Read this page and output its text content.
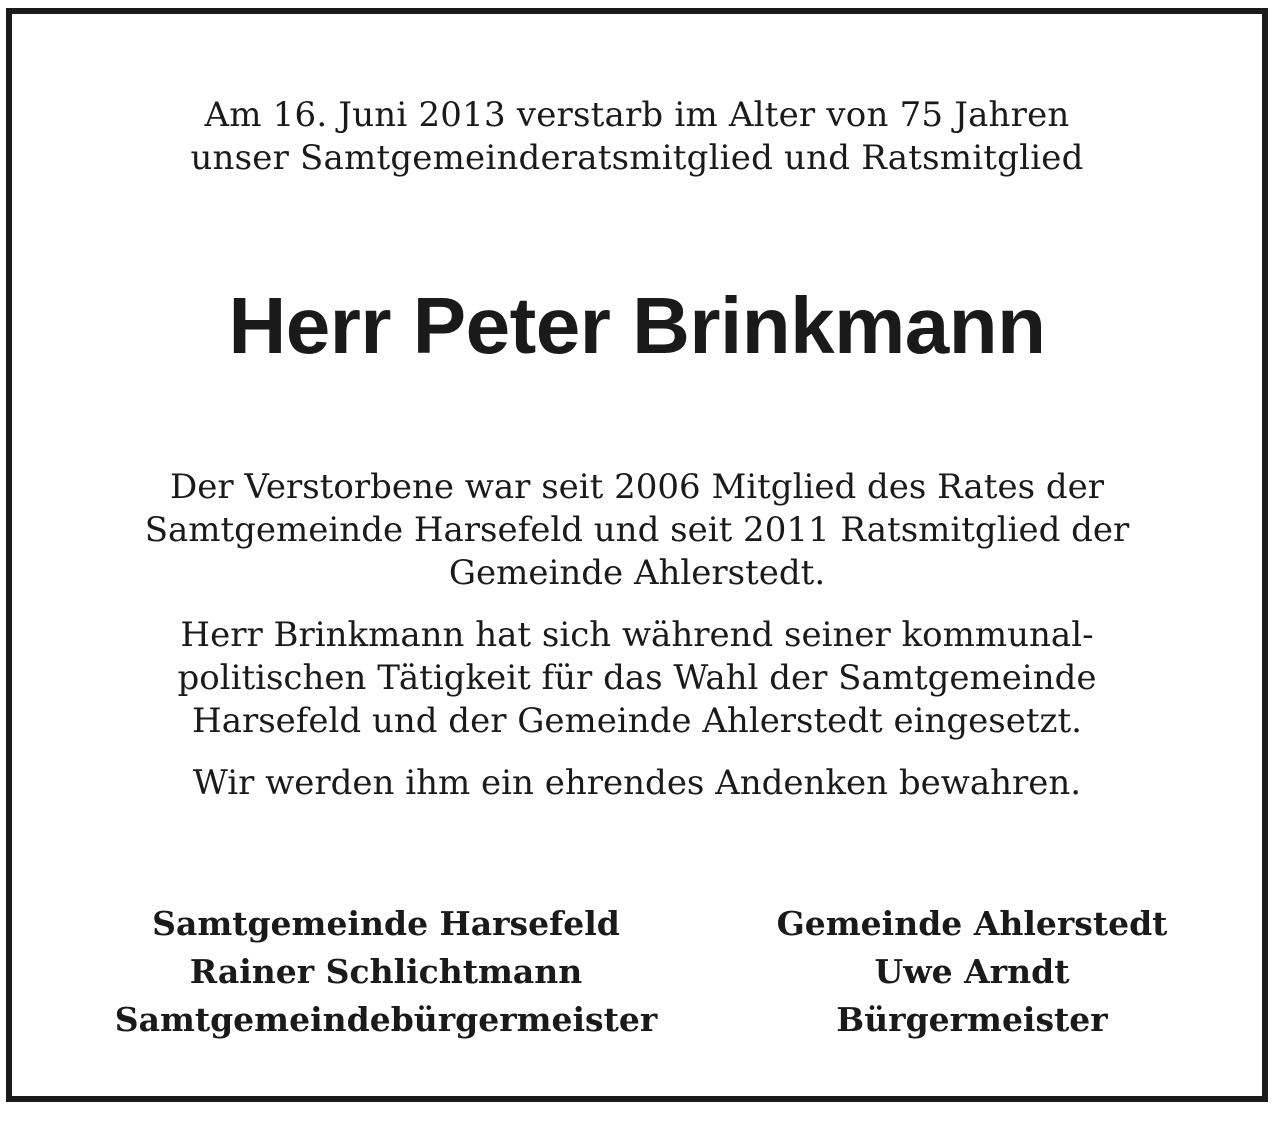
Am 16. Juni 2013 verstarb im Alter von 75 Jahren
unser Samtgemeinderatsmitglied und Ratsmitglied
Herr Peter Brinkmann
Der Verstorbene war seit 2006 Mitglied des Rates der
Samtgemeinde Harsefeld und seit 2011 Ratsmitglied der
Gemeinde Ahlerstedt.
Herr Brinkmann hat sich während seiner kommunal-
politischen Tätigkeit für das Wahl der Samtgemeinde
Harsefeld und der Gemeinde Ahlerstedt eingesetzt.
Wir werden ihm ein ehrendes Andenken bewahren.
Samtgemeinde Harsefeld
Rainer Schlichtmann
Samtgemeindebürgermeister
Gemeinde Ahlerstedt
Uwe Arndt
Bürgermeister
